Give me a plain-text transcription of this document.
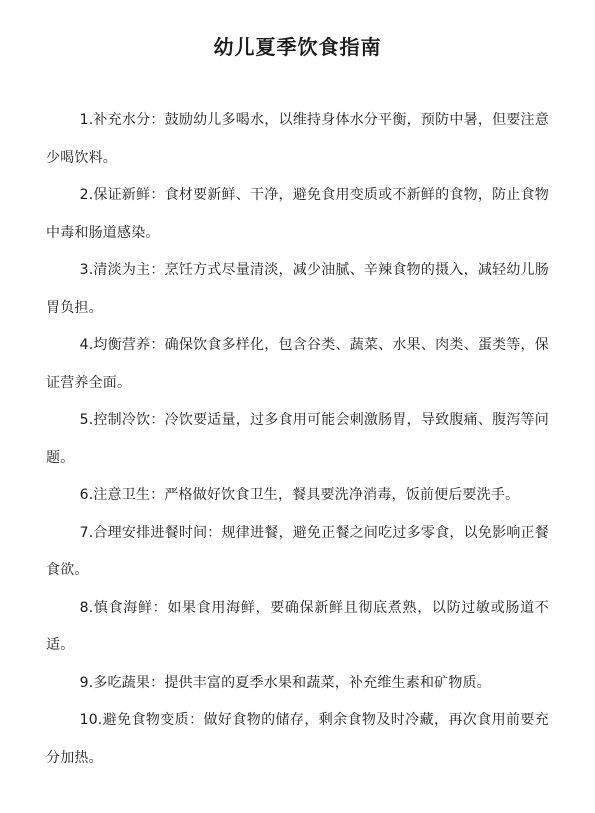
幼儿夏季饮食指南

1.补充水分：鼓励幼儿多喝水，以维持身体水分平衡，预防中暑，但要注意少喝饮料。

2.保证新鲜：食材要新鲜、干净，避免食用变质或不新鲜的食物，防止食物中毒和肠道感染。

3.清淡为主：烹饪方式尽量清淡，减少油腻、辛辣食物的摄入，减轻幼儿肠胃负担。

4.均衡营养：确保饮食多样化，包含谷类、蔬菜、水果、肉类、蛋类等，保证营养全面。

5.控制冷饮：冷饮要适量，过多食用可能会刺激肠胃，导致腹痛、腹泻等问题。

6.注意卫生：严格做好饮食卫生，餐具要洗净消毒，饭前便后要洗手。

7.合理安排进餐时间：规律进餐，避免正餐之间吃过多零食，以免影响正餐食欲。

8.慎食海鲜：如果食用海鲜，要确保新鲜且彻底煮熟，以防过敏或肠道不适。

9.多吃蔬果：提供丰富的夏季水果和蔬菜，补充维生素和矿物质。

10.避免食物变质：做好食物的储存，剩余食物及时冷藏，再次食用前要充分加热。
